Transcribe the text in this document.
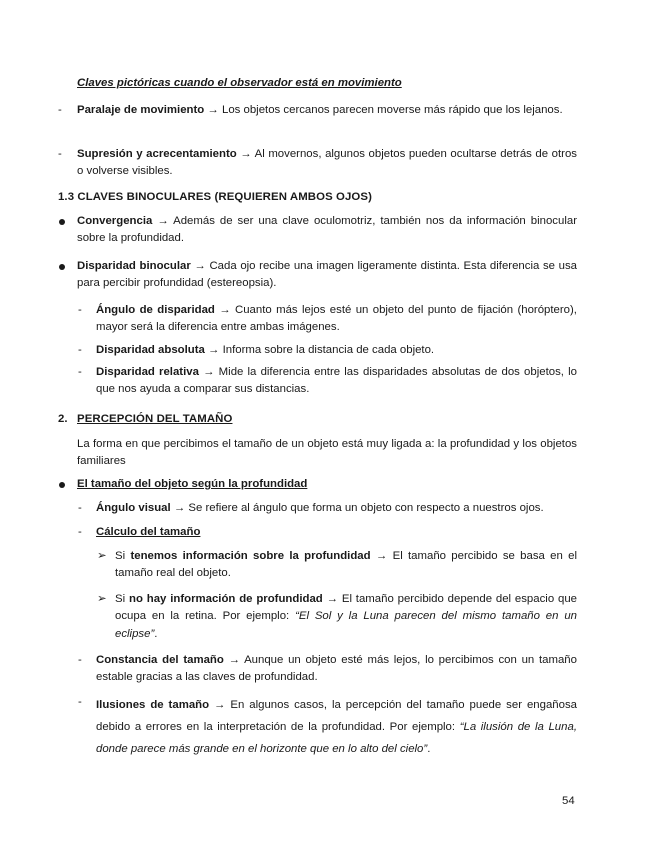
Claves pictóricas cuando el observador está en movimiento
- Paralaje de movimiento → Los objetos cercanos parecen moverse más rápido que los lejanos.
- Supresión y acrecentamiento → Al movernos, algunos objetos pueden ocultarse detrás de otros o volverse visibles.
1.3 CLAVES BINOCULARES (REQUIEREN AMBOS OJOS)
Convergencia → Además de ser una clave oculomotriz, también nos da información binocular sobre la profundidad.
Disparidad binocular → Cada ojo recibe una imagen ligeramente distinta. Esta diferencia se usa para percibir profundidad (estereopsia).
- Ángulo de disparidad → Cuanto más lejos esté un objeto del punto de fijación (horóptero), mayor será la diferencia entre ambas imágenes.
- Disparidad absoluta → Informa sobre la distancia de cada objeto.
- Disparidad relativa → Mide la diferencia entre las disparidades absolutas de dos objetos, lo que nos ayuda a comparar sus distancias.
2. PERCEPCIÓN DEL TAMAÑO
La forma en que percibimos el tamaño de un objeto está muy ligada a: la profundidad y los objetos familiares
El tamaño del objeto según la profundidad
- Ángulo visual → Se refiere al ángulo que forma un objeto con respecto a nuestros ojos.
- Cálculo del tamaño
➢ Si tenemos información sobre la profundidad → El tamaño percibido se basa en el tamaño real del objeto.
➢ Si no hay información de profundidad → El tamaño percibido depende del espacio que ocupa en la retina. Por ejemplo: “El Sol y la Luna parecen del mismo tamaño en un eclipse”.
- Constancia del tamaño → Aunque un objeto esté más lejos, lo percibimos con un tamaño estable gracias a las claves de profundidad.
- Ilusiones de tamaño → En algunos casos, la percepción del tamaño puede ser engañosa debido a errores en la interpretación de la profundidad. Por ejemplo: “La ilusión de la Luna, donde parece más grande en el horizonte que en lo alto del cielo”.
54
